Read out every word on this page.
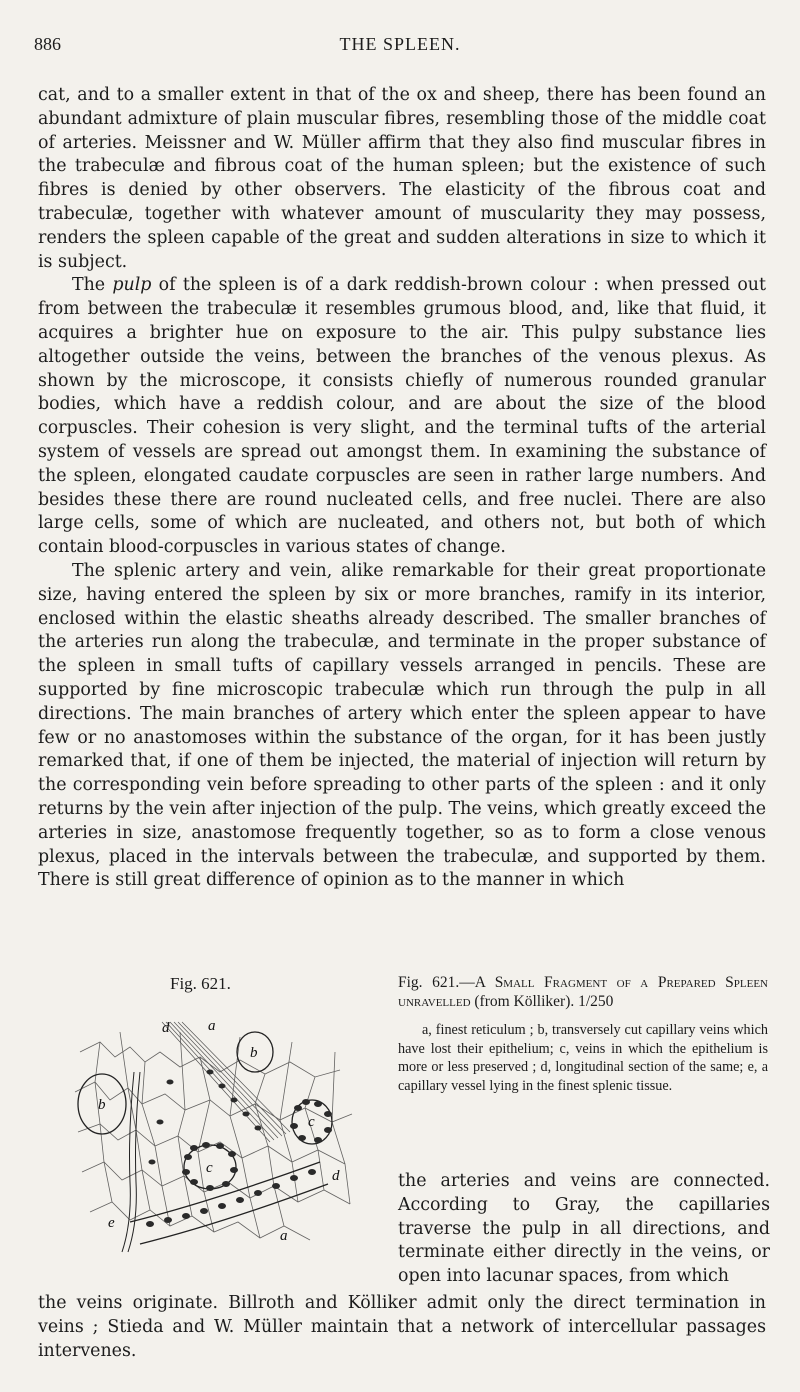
886	THE SPLEEN.

cat, and to a smaller extent in that of the ox and sheep, there has been found an abundant admixture of plain muscular fibres, resembling those of the middle coat of arteries. Meissner and W. Müller affirm that they also find muscular fibres in the trabeculæ and fibrous coat of the human spleen; but the existence of such fibres is denied by other observers. The elasticity of the fibrous coat and trabeculæ, together with whatever amount of muscularity they may possess, renders the spleen capable of the great and sudden alterations in size to which it is subject.

The pulp of the spleen is of a dark reddish-brown colour : when pressed out from between the trabeculæ it resembles grumous blood, and, like that fluid, it acquires a brighter hue on exposure to the air. This pulpy substance lies altogether outside the veins, between the branches of the venous plexus. As shown by the microscope, it consists chiefly of numerous rounded granular bodies, which have a reddish colour, and are about the size of the blood corpuscles. Their cohesion is very slight, and the terminal tufts of the arterial system of vessels are spread out amongst them. In examining the substance of the spleen, elongated caudate corpuscles are seen in rather large numbers. And besides these there are round nucleated cells, and free nuclei. There are also large cells, some of which are nucleated, and others not, but both of which contain blood-corpuscles in various states of change.

The splenic artery and vein, alike remarkable for their great proportionate size, having entered the spleen by six or more branches, ramify in its interior, enclosed within the elastic sheaths already described. The smaller branches of the arteries run along the trabeculæ, and terminate in the proper substance of the spleen in small tufts of capillary vessels arranged in pencils. These are supported by fine microscopic trabeculæ which run through the pulp in all directions. The main branches of artery which enter the spleen appear to have few or no anastomoses within the substance of the organ, for it has been justly remarked that, if one of them be injected, the material of injection will return by the corresponding vein before spreading to other parts of the spleen : and it only returns by the vein after injection of the pulp. The veins, which greatly exceed the arteries in size, anastomose frequently together, so as to form a close venous plexus, placed in the intervals between the trabeculæ, and supported by them. There is still great difference of opinion as to the manner in which

Fig. 621.
d	a
b
b
c
c	d
e
a

Fig. 621.—A Small Fragment of a Prepared Spleen unravelled (from Kölliker). 1/250

a, finest reticulum ; b, transversely cut capillary veins which have lost their epithelium; c, veins in which the epithelium is more or less preserved ; d, longitudinal section of the same; e, a capillary vessel lying in the finest splenic tissue.

the arteries and veins are connected. According to Gray, the capillaries traverse the pulp in all directions, and terminate either directly in the veins, or open into lacunar spaces, from which

the veins originate. Billroth and Kölliker admit only the direct termination in veins ; Stieda and W. Müller maintain that a network of intercellular passages intervenes.
